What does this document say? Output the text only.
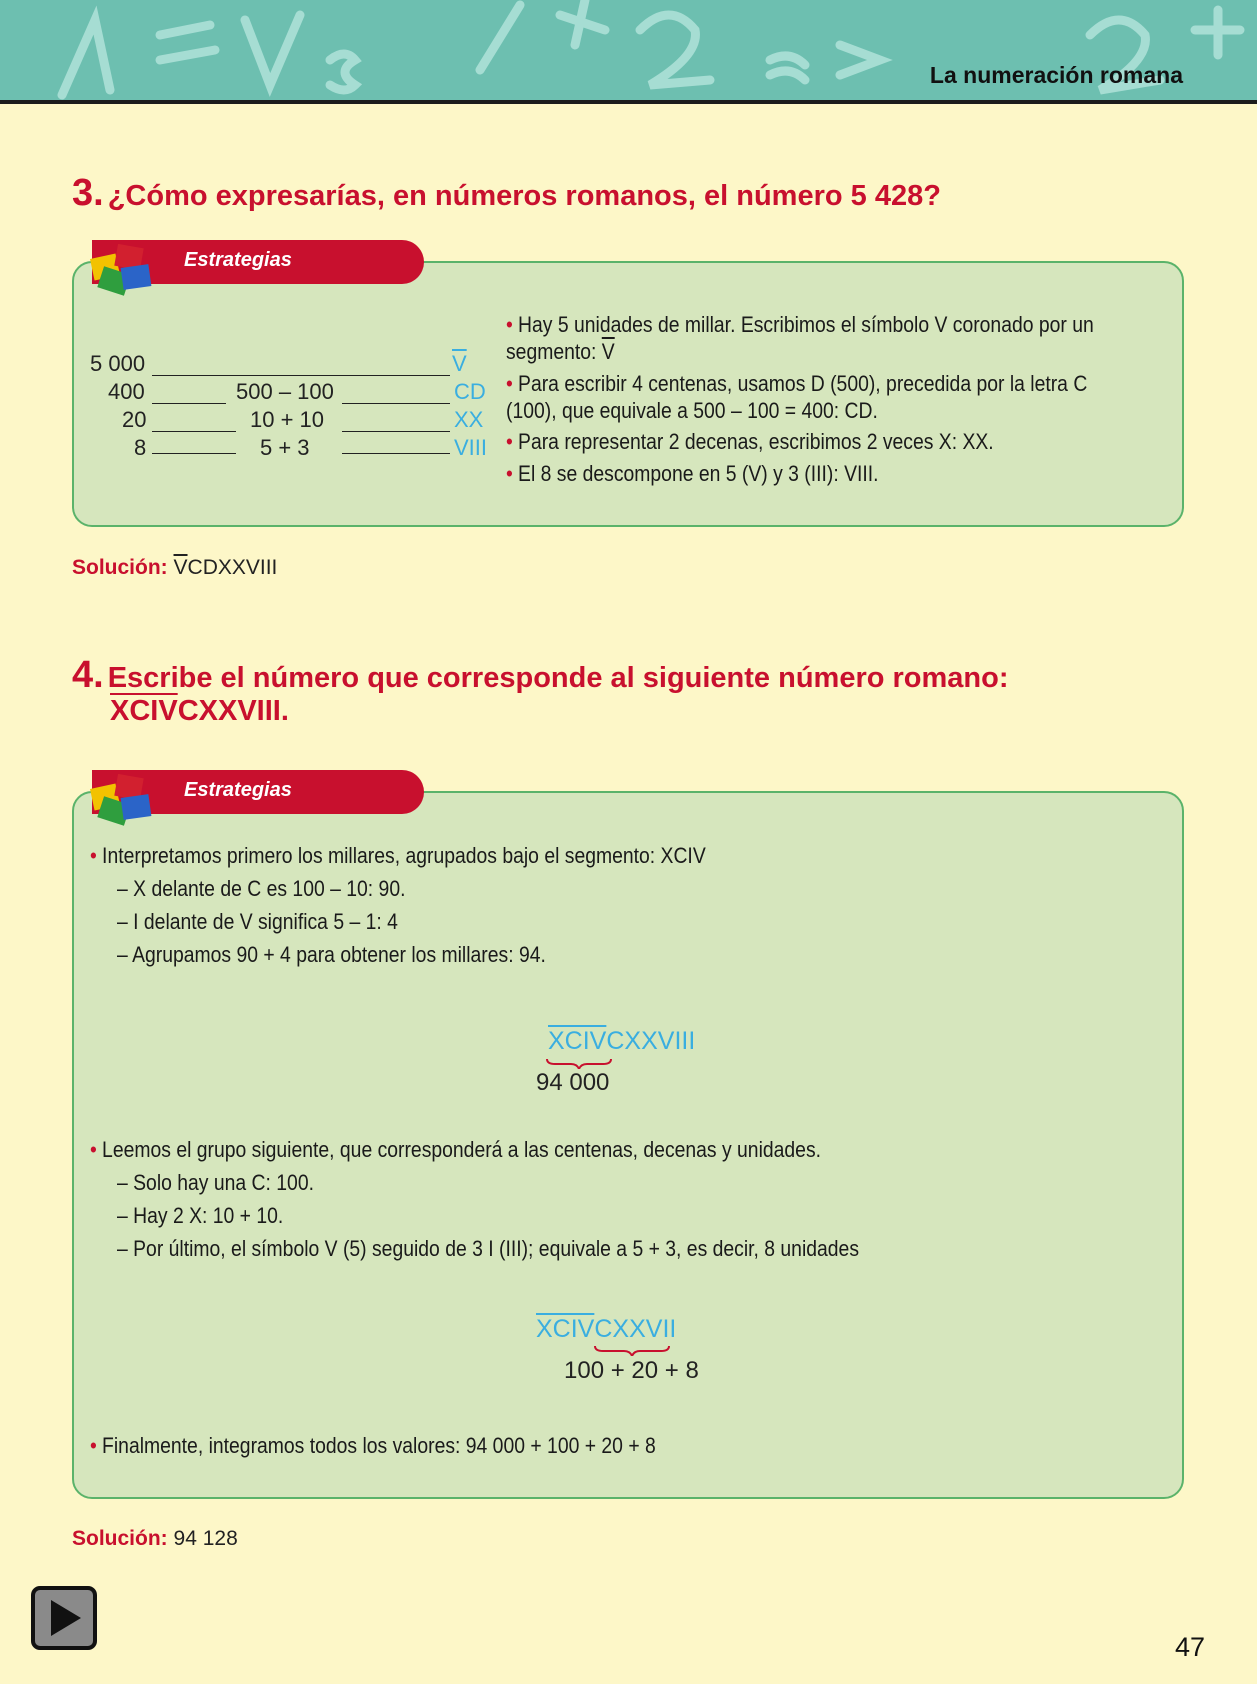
La numeración romana
3. ¿Cómo expresarías, en números romanos, el número 5 428?
5 000	$\overline{V}$
400	500 – 100	CD
20	10 + 10	XX
8	5 + 3	VIII
• Hay 5 unidades de millar. Escribimos el símbolo V coronado por un segmento: $\overline{V}$
• Para escribir 4 centenas, usamos D (500), precedida por la letra C (100), que equivale a 500 – 100 = 400: CD.
• Para representar 2 decenas, escribimos 2 veces X: XX.
• El 8 se descompone en 5 (V) y 3 (III): VIII.
Estrategias
Solución: $\overline{V}CDXXVIII$
4. Escribe el número que corresponde al siguiente número romano:
XCIVCXXVIII.
• Interpretamos primero los millares, agrupados bajo el segmento: XCIV
– X delante de C es 100 – 10: 90.
– I delante de V significa 5 – 1: 4
– Agrupamos 90 + 4 para obtener los millares: 94.
XCIVCXXVIII
94 000
• Leemos el grupo siguiente, que corresponderá a las centenas, decenas y unidades.
– Solo hay una C: 100.
– Hay 2 X: 10 + 10.
– Por último, el símbolo V (5) seguido de 3 I (III); equivale a 5 + 3, es decir, 8 unidades
XCIVCXXVII
100 + 20 + 8
• Finalmente, integramos todos los valores: 94 000 + 100 + 20 + 8
Estrategias
Solución: 94 128
47
